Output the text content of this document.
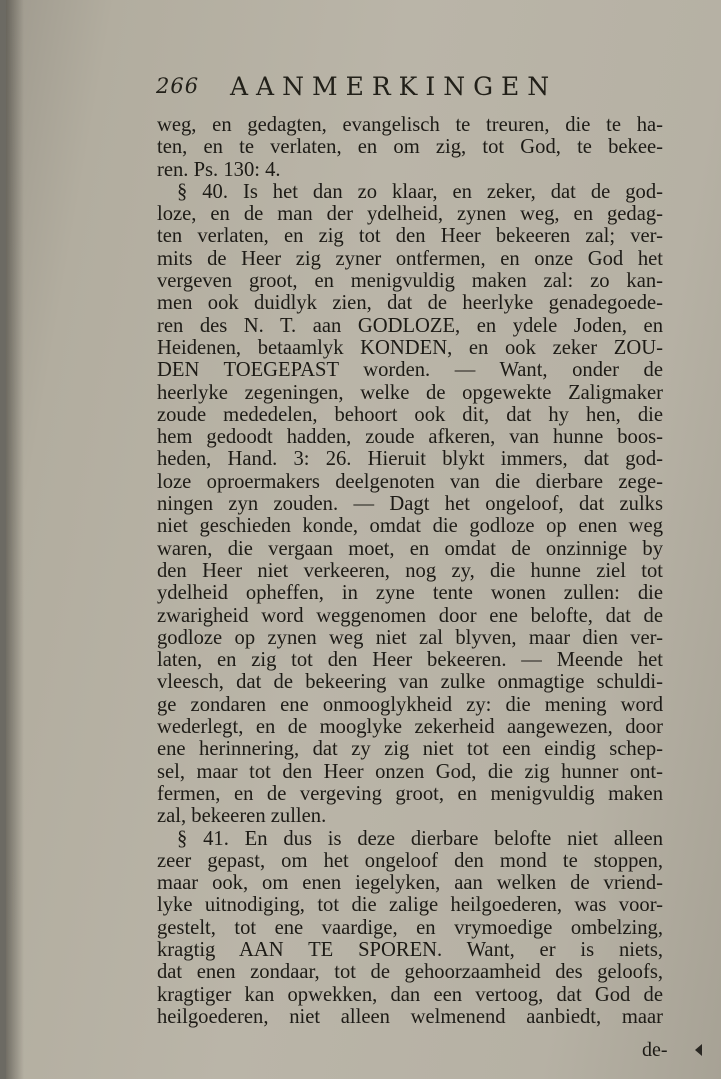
266 AANMERKINGEN
weg, en gedagten, evangelisch te treuren, die te ha-
ten, en te verlaten, en om zig, tot God, te bekee-
ren. Ps. 130: 4.
§ 40. Is het dan zo klaar, en zeker, dat de god-
loze, en de man der ydelheid, zynen weg, en gedag-
ten verlaten, en zig tot den Heer bekeeren zal; ver-
mits de Heer zig zyner ontfermen, en onze God het
vergeven groot, en menigvuldig maken zal: zo kan-
men ook duidlyk zien, dat de heerlyke genadegoede-
ren des N. T. aan GODLOZE, en ydele Joden, en
Heidenen, betaamlyk KONDEN, en ook zeker ZOU-
DEN TOEGEPAST worden. — Want, onder de
heerlyke zegeningen, welke de opgewekte Zaligmaker
zoude mededelen, behoort ook dit, dat hy hen, die
hem gedoodt hadden, zoude afkeren, van hunne boos-
heden, Hand. 3: 26. Hieruit blykt immers, dat god-
loze oproermakers deelgenoten van die dierbare zege-
ningen zyn zouden. — Dagt het ongeloof, dat zulks
niet geschieden konde, omdat die godloze op enen weg
waren, die vergaan moet, en omdat de onzinnige by
den Heer niet verkeeren, nog zy, die hunne ziel tot
ydelheid opheffen, in zyne tente wonen zullen: die
zwarigheid word weggenomen door ene belofte, dat de
godloze op zynen weg niet zal blyven, maar dien ver-
laten, en zig tot den Heer bekeeren. — Meende het
vleesch, dat de bekeering van zulke onmagtige schuldi-
ge zondaren ene onmooglykheid zy: die mening word
wederlegt, en de mooglyke zekerheid aangewezen, door
ene herinnering, dat zy zig niet tot een eindig schep-
sel, maar tot den Heer onzen God, die zig hunner ont-
fermen, en de vergeving groot, en menigvuldig maken
zal, bekeeren zullen.
§ 41. En dus is deze dierbare belofte niet alleen
zeer gepast, om het ongeloof den mond te stoppen,
maar ook, om enen iegelyken, aan welken de vriend-
lyke uitnodiging, tot die zalige heilgoederen, was voor-
gestelt, tot ene vaardige, en vrymoedige ombelzing,
kragtig AAN TE SPOREN. Want, er is niets,
dat enen zondaar, tot de gehoorzaamheid des geloofs,
kragtiger kan opwekken, dan een vertoog, dat God de
heilgoederen, niet alleen welmenend aanbiedt, maar
de-
